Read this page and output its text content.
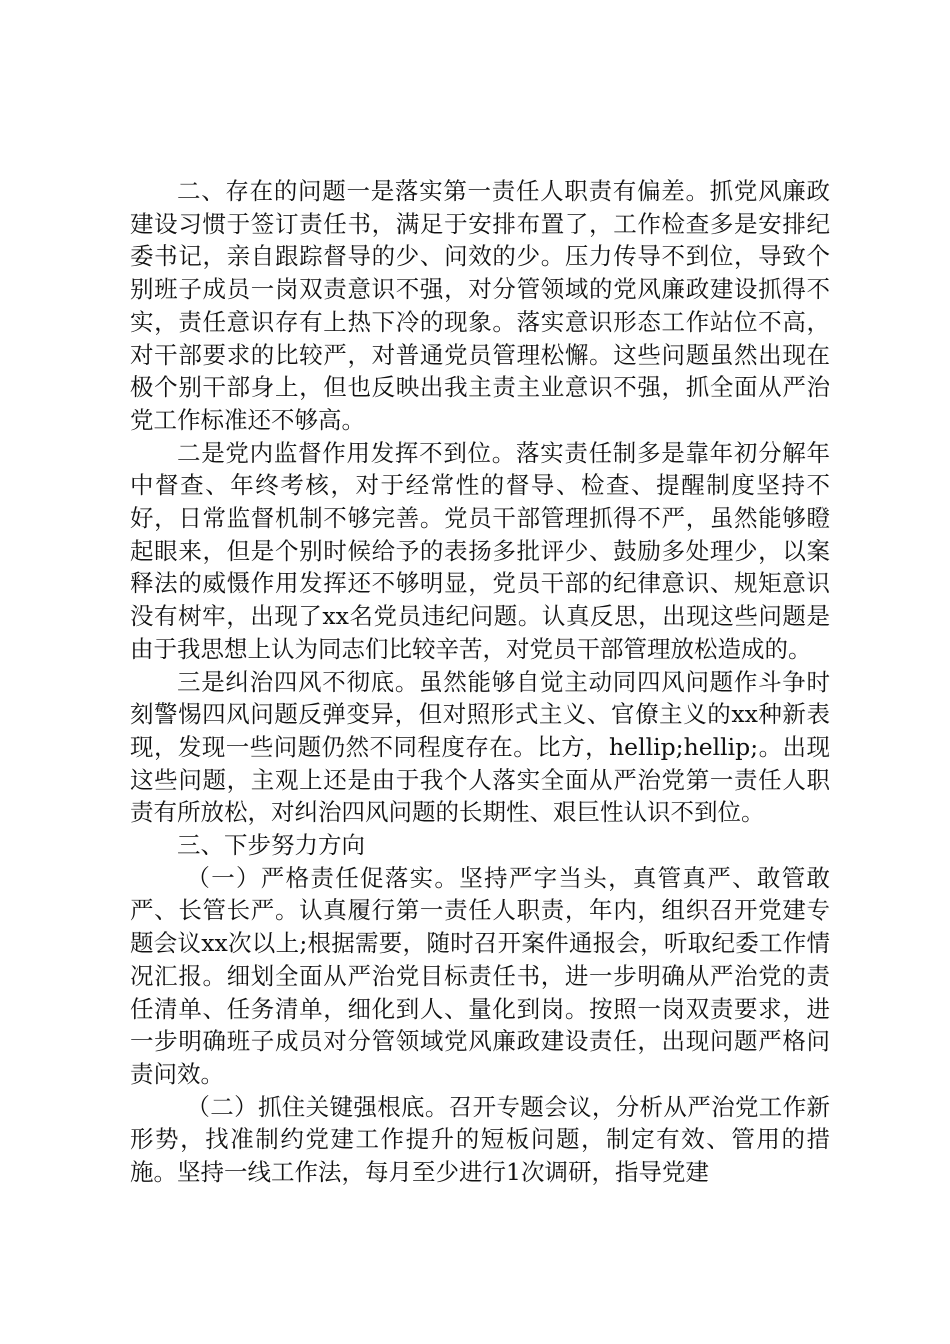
二、存在的问题一是落实第一责任人职责有偏差。抓党风廉政建设习惯于签订责任书，满足于安排布置了，工作检查多是安排纪委书记，亲自跟踪督导的少、问效的少。压力传导不到位，导致个别班子成员一岗双责意识不强，对分管领域的党风廉政建设抓得不实，责任意识存有上热下冷的现象。落实意识形态工作站位不高，对干部要求的比较严，对普通党员管理松懈。这些问题虽然出现在极个别干部身上，但也反映出我主责主业意识不强，抓全面从严治党工作标准还不够高。

二是党内监督作用发挥不到位。落实责任制多是靠年初分解年中督查、年终考核，对于经常性的督导、检查、提醒制度坚持不好，日常监督机制不够完善。党员干部管理抓得不严，虽然能够瞪起眼来，但是个别时候给予的表扬多批评少、鼓励多处理少，以案释法的威慑作用发挥还不够明显，党员干部的纪律意识、规矩意识没有树牢，出现了xx名党员违纪问题。认真反思，出现这些问题是由于我思想上认为同志们比较辛苦，对党员干部管理放松造成的。

三是纠治四风不彻底。虽然能够自觉主动同四风问题作斗争时刻警惕四风问题反弹变异，但对照形式主义、官僚主义的xx种新表现，发现一些问题仍然不同程度存在。比方，hellip;hellip;。出现这些问题，主观上还是由于我个人落实全面从严治党第一责任人职责有所放松，对纠治四风问题的长期性、艰巨性认识不到位。

三、下步努力方向

（一）严格责任促落实。坚持严字当头，真管真严、敢管敢严、长管长严。认真履行第一责任人职责，年内，组织召开党建专题会议xx次以上;根据需要，随时召开案件通报会，听取纪委工作情况汇报。细划全面从严治党目标责任书，进一步明确从严治党的责任清单、任务清单，细化到人、量化到岗。按照一岗双责要求，进一步明确班子成员对分管领域党风廉政建设责任，出现问题严格问责问效。

（二）抓住关键强根底。召开专题会议，分析从严治党工作新形势，找准制约党建工作提升的短板问题，制定有效、管用的措施。坚持一线工作法，每月至少进行1次调研，指导党建
